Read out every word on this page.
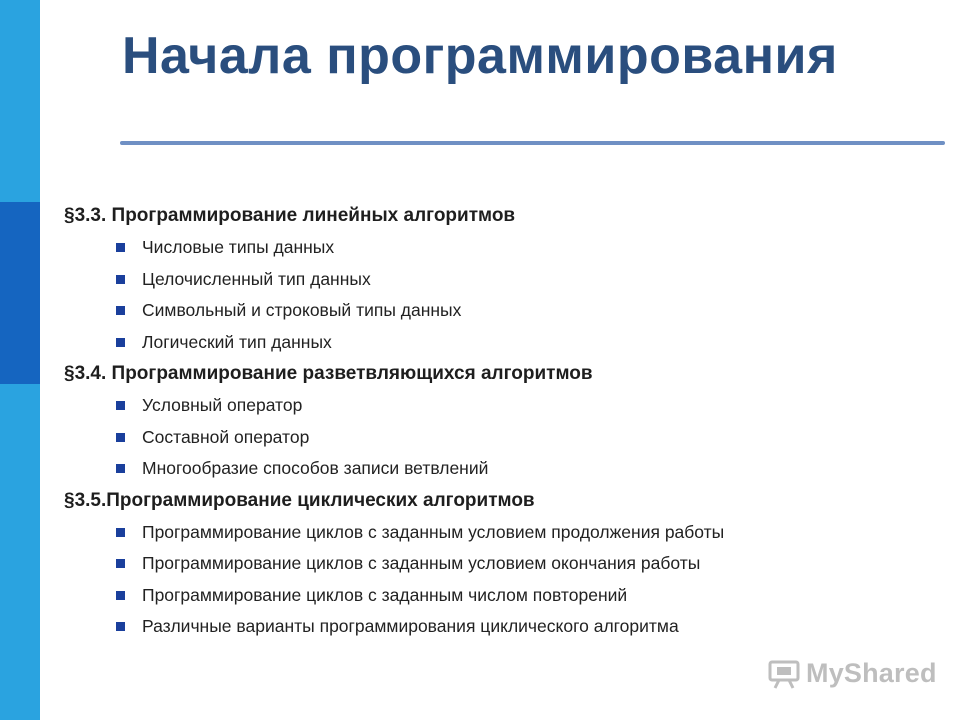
Начала программирования
§3.3. Программирование линейных алгоритмов
Числовые типы данных
Целочисленный тип данных
Символьный и строковый типы данных
Логический тип данных
§3.4. Программирование разветвляющихся алгоритмов
Условный оператор
Составной оператор
Многообразие способов записи ветвлений
§3.5.Программирование циклических алгоритмов
Программирование циклов с заданным условием продолжения работы
Программирование циклов с заданным условием окончания работы
Программирование циклов с заданным числом повторений
Различные варианты программирования циклического алгоритма
MyShared
